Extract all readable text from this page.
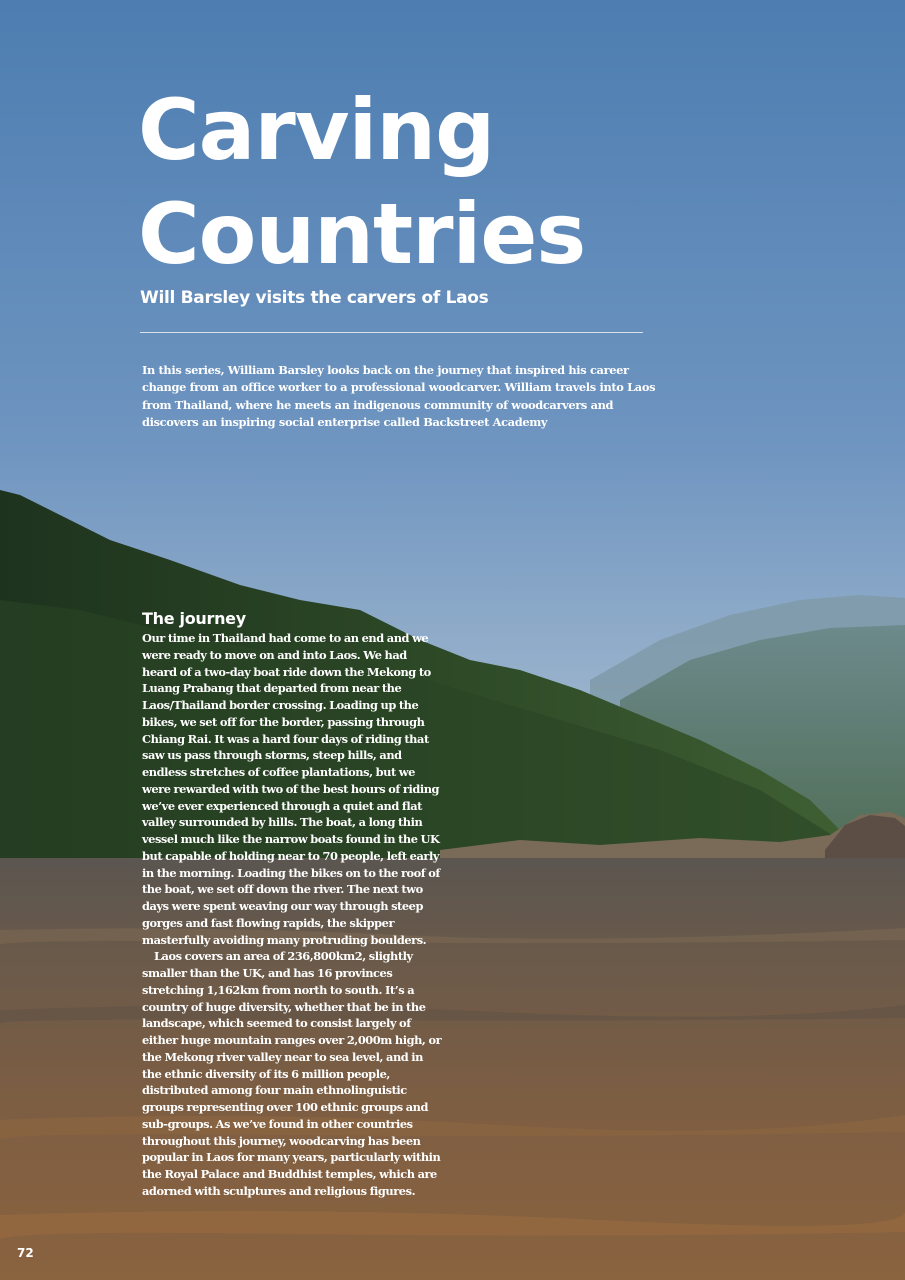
Carving
Countries
Will Barsley visits the carvers of Laos

In this series, William Barsley looks back on the journey that inspired his career change from an office worker to a professional woodcarver. William travels into Laos from Thailand, where he meets an indigenous community of woodcarvers and discovers an inspiring social enterprise called Backstreet Academy

The journey

Our time in Thailand had come to an end and we were ready to move on and into Laos. We had heard of a two-day boat ride down the Mekong to Luang Prabang that departed from near the Laos/Thailand border crossing. Loading up the bikes, we set off for the border, passing through Chiang Rai. It was a hard four days of riding that saw us pass through storms, steep hills, and endless stretches of coffee plantations, but we were rewarded with two of the best hours of riding we’ve ever experienced through a quiet and flat valley surrounded by hills. The boat, a long thin vessel much like the narrow boats found in the UK but capable of holding near to 70 people, left early in the morning. Loading the bikes on to the roof of the boat, we set off down the river. The next two days were spent weaving our way through steep gorges and fast flowing rapids, the skipper masterfully avoiding many protruding boulders.

Laos covers an area of 236,800km2, slightly smaller than the UK, and has 16 provinces stretching 1,162km from north to south. It’s a country of huge diversity, whether that be in the landscape, which seemed to consist largely of either huge mountain ranges over 2,000m high, or the Mekong river valley near to sea level, and in the ethnic diversity of its 6 million people, distributed among four main ethnolinguistic groups representing over 100 ethnic groups and sub-groups. As we’ve found in other countries throughout this journey, woodcarving has been popular in Laos for many years, particularly within the Royal Palace and Buddhist temples, which are adorned with sculptures and religious figures.

72
